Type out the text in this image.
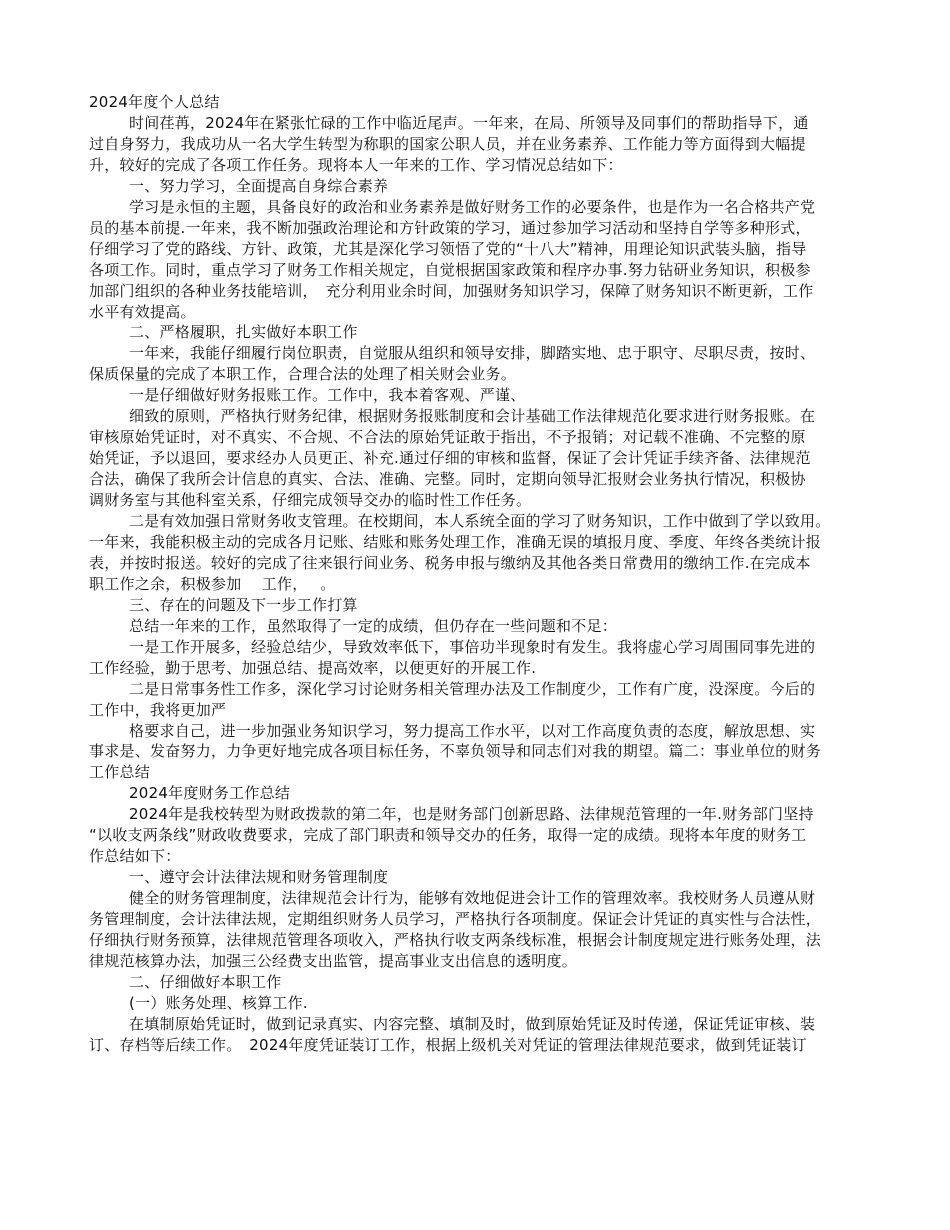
2024年度个人总结

时间荏苒，2024年在紧张忙碌的工作中临近尾声。一年来，在局、所领导及同事们的帮助指导下，通

过自身努力，我成功从一名大学生转型为称职的国家公职人员，并在业务素养、工作能力等方面得到大幅提

升，较好的完成了各项工作任务。现将本人一年来的工作、学习情况总结如下：

一、努力学习，全面提高自身综合素养

学习是永恒的主题，具备良好的政治和业务素养是做好财务工作的必要条件，也是作为一名合格共产党

员的基本前提.一年来，我不断加强政治理论和方针政策的学习，通过参加学习活动和坚持自学等多种形式，

仔细学习了党的路线、方针、政策，尤其是深化学习领悟了党的“十八大”精神，用理论知识武装头脑，指导

各项工作。同时，重点学习了财务工作相关规定，自觉根据国家政策和程序办事.努力钻研业务知识，积极参

加部门组织的各种业务技能培训，　充分利用业余时间，加强财务知识学习，保障了财务知识不断更新，工作

水平有效提高。

二、严格履职，扎实做好本职工作

一年来，我能仔细履行岗位职责，自觉服从组织和领导安排，脚踏实地、忠于职守、尽职尽责，按时、

保质保量的完成了本职工作，合理合法的处理了相关财会业务。

一是仔细做好财务报账工作。工作中，我本着客观、严谨、

细致的原则，严格执行财务纪律，根据财务报账制度和会计基础工作法律规范化要求进行财务报账。在

审核原始凭证时，对不真实、不合规、不合法的原始凭证敢于指出，不予报销；对记载不准确、不完整的原

始凭证，予以退回，要求经办人员更正、补充.通过仔细的审核和监督，保证了会计凭证手续齐备、法律规范

合法，确保了我所会计信息的真实、合法、准确、完整。同时，定期向领导汇报财会业务执行情况，积极协

调财务室与其他科室关系，仔细完成领导交办的临时性工作任务。

二是有效加强日常财务收支管理。在校期间，本人系统全面的学习了财务知识，工作中做到了学以致用。

一年来，我能积极主动的完成各月记账、结账和账务处理工作，准确无误的填报月度、季度、年终各类统计报

表，并按时报送。较好的完成了往来银行间业务、税务申报与缴纳及其他各类日常费用的缴纳工作.在完成本

职工作之余，积极参加　 工作，　 。

三、存在的问题及下一步工作打算

总结一年来的工作，虽然取得了一定的成绩，但仍存在一些问题和不足：

一是工作开展多，经验总结少，导致效率低下，事倍功半现象时有发生。我将虚心学习周围同事先进的

工作经验，勤于思考、加强总结、提高效率，以便更好的开展工作.

二是日常事务性工作多，深化学习讨论财务相关管理办法及工作制度少，工作有广度，没深度。今后的

工作中，我将更加严

格要求自己，进一步加强业务知识学习，努力提高工作水平，以对工作高度负责的态度，解放思想、实

事求是、发奋努力，力争更好地完成各项目标任务，不辜负领导和同志们对我的期望。篇二：事业单位的财务

工作总结

2024年度财务工作总结

2024年是我校转型为财政拨款的第二年，也是财务部门创新思路、法律规范管理的一年.财务部门坚持

“以收支两条线”财政收费要求，完成了部门职责和领导交办的任务，取得一定的成绩。现将本年度的财务工

作总结如下：

一、遵守会计法律法规和财务管理制度

健全的财务管理制度，法律规范会计行为，能够有效地促进会计工作的管理效率。我校财务人员遵从财

务管理制度，会计法律法规，定期组织财务人员学习，严格执行各项制度。保证会计凭证的真实性与合法性，

仔细执行财务预算，法律规范管理各项收入，严格执行收支两条线标准，根据会计制度规定进行账务处理，法

律规范核算办法，加强三公经费支出监管，提高事业支出信息的透明度。

二、仔细做好本职工作

(一）账务处理、核算工作.

在填制原始凭证时，做到记录真实、内容完整、填制及时，做到原始凭证及时传递，保证凭证审核、装

订、存档等后续工作。　2024年度凭证装订工作，根据上级机关对凭证的管理法律规范要求，做到凭证装订
